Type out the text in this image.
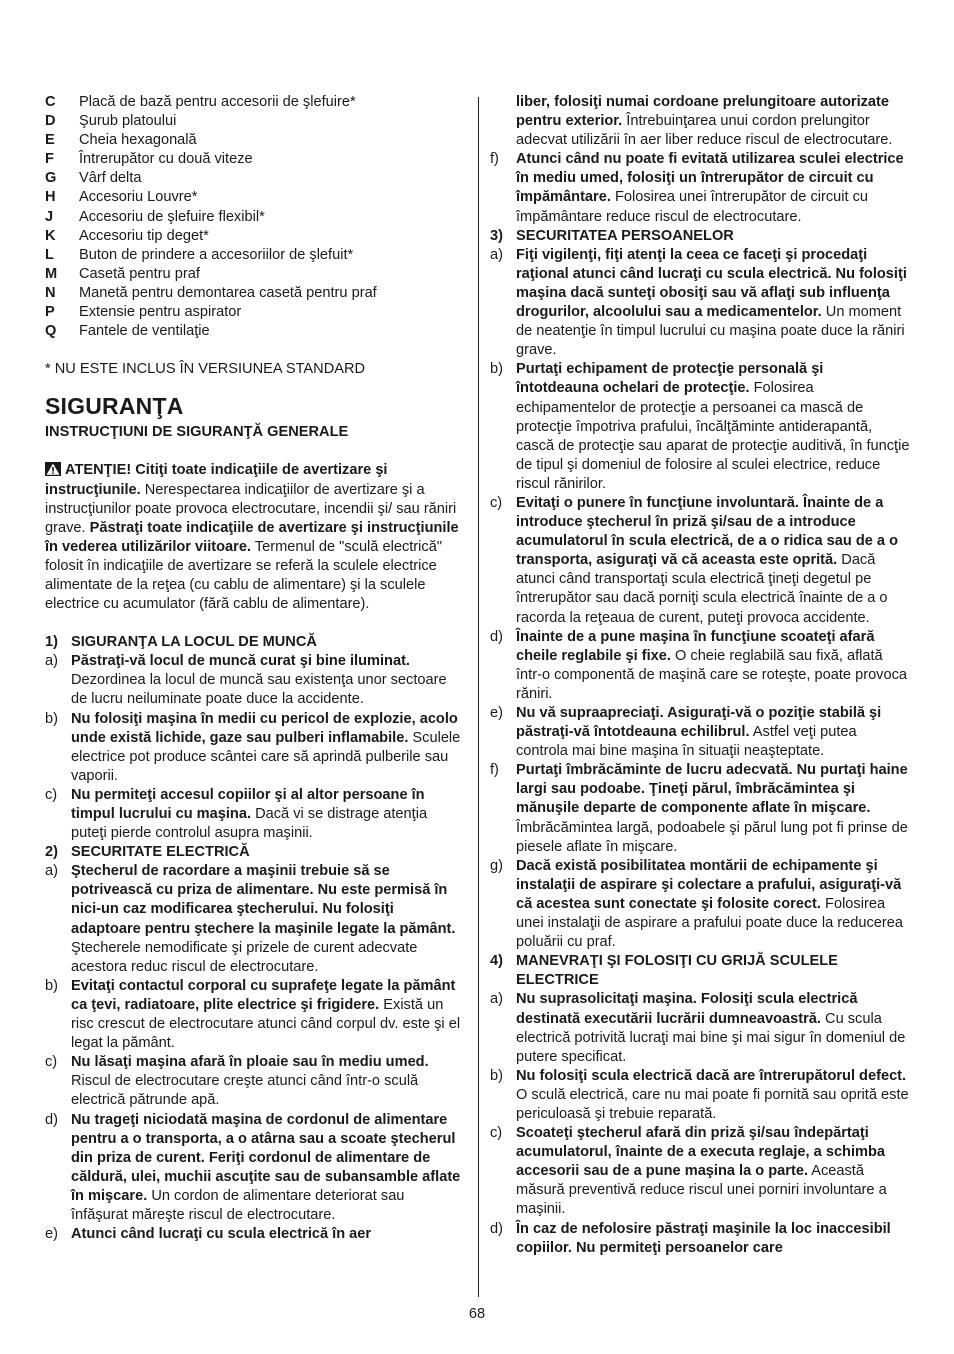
C	Placă de bază pentru accesorii de şlefuire*
D	Şurub platoului
E	Cheia hexagonală
F	Întrerupător cu două viteze
G	Vârf delta
H	Accesoriu Louvre*
J	Accesoriu de şlefuire flexibil*
K	Accesoriu tip deget*
L	Buton de prindere a accesoriilor de şlefuit*
M	Casetă pentru praf
N	Manetă pentru demontarea casetă pentru praf
P	Extensie pentru aspirator
Q	Fantele de ventilaţie
* NU ESTE INCLUS ÎN VERSIUNEA STANDARD
SIGURANŢA
INSTRUCŢIUNI DE SIGURANŢĂ GENERALE

ATENŢIE! Citiţi toate indicaţiile de avertizare şi instrucţiunile. Nerespectarea indicaţiilor de avertizare şi a instrucţiunilor poate provoca electrocutare, incendii şi/ sau răniri grave. Păstraţi toate indicaţiile de avertizare şi instrucţiunile în vederea utilizărilor viitoare. Termenul de "sculă electrică" folosit în indicaţiile de avertizare se referă la sculele electrice alimentate de la reţea (cu cablu de alimentare) şi la sculele electrice cu acumulator (fără cablu de alimentare).

1) SIGURANŢA LA LOCUL DE MUNCĂ
a) Păstraţi-vă locul de muncă curat şi bine iluminat. Dezordinea la locul de muncă sau existenţa unor sectoare de lucru neiluminate poate duce la accidente.
b) Nu folosiţi maşina în medii cu pericol de explozie, acolo unde există lichide, gaze sau pulberi inflamabile. Sculele electrice pot produce scântei care să aprindă pulberile sau vaporii.
c) Nu permiteţi accesul copiilor şi al altor persoane în timpul lucrului cu maşina. Dacă vi se distrage atenţia puteţi pierde controlul asupra maşinii.
2) SECURITATE ELECTRICĂ
a) Ştecherul de racordare a maşinii trebuie să se potrivească cu priza de alimentare. Nu este permisă în nici-un caz modificarea ştecherului. Nu folosiţi adaptoare pentru ştechere la maşinile legate la pământ. Ştecherele nemodificate şi prizele de curent adecvate acestora reduc riscul de electrocutare.
b) Evitaţi contactul corporal cu suprafeţe legate la pământ ca ţevi, radiatoare, plite electrice şi frigidere. Există un risc crescut de electrocutare atunci când corpul dv. este şi el legat la pământ.
c) Nu lăsaţi maşina afară în ploaie sau în mediu umed. Riscul de electrocutare creşte atunci când într-o sculă electrică pătrunde apă.
d) Nu trageţi niciodată maşina de cordonul de alimentare pentru a o transporta, a o atârna sau a scoate ştecherul din priza de curent. Feriţi cordonul de alimentare de căldură, ulei, muchii ascuţite sau de subansamble aflate în mişcare. Un cordon de alimentare deteriorat sau înfăşurat măreşte riscul de electrocutare.
e) Atunci când lucraţi cu scula electrică în aer
liber, folosiţi numai cordoane prelungitoare autorizate pentru exterior. Întrebuinţarea unui cordon prelungitor adecvat utilizării în aer liber reduce riscul de electrocutare.
f)	Atunci când nu poate fi evitată utilizarea sculei electrice în mediu umed, folosiţi un întrerupător de circuit cu împământare. Folosirea unei întrerupător de circuit cu împământare reduce riscul de electrocutare.
3) SECURITATEA PERSOANELOR
a) Fiţi vigilenţi, fiţi atenţi la ceea ce faceţi şi procedaţi raţional atunci când lucraţi cu scula electrică. Nu folosiţi maşina dacă sunteţi obosiţi sau vă aflaţi sub influenţa drogurilor, alcoolului sau a medicamentelor. Un moment de neatenţie în timpul lucrului cu maşina poate duce la răniri grave.
b) Purtaţi echipament de protecţie personală şi întotdeauna ochelari de protecţie. Folosirea echipamentelor de protecţie a persoanei ca mască de protecţie împotriva prafului, încălţăminte antiderapantă, cască de protecţie sau aparat de protecţie auditivă, în funcţie de tipul şi domeniul de folosire al sculei electrice, reduce riscul rănirilor.
c) Evitaţi o punere în funcţiune involuntară. Înainte de a introduce ştecherul în priză şi/sau de a introduce acumulatorul în scula electrică, de a o ridica sau de a o transporta, asiguraţi vă că aceasta este oprită. Dacă atunci când transportaţi scula electrică ţineţi degetul pe întrerupător sau dacă porniţi scula electrică înainte de a o racorda la reţeaua de curent, puteţi provoca accidente.
d) Înainte de a pune maşina în funcţiune scoateţi afară cheile reglabile şi fixe. O cheie reglabilă sau fixă, aflată într-o componentă de maşină care se roteşte, poate provoca răniri.
e) Nu vă supraapreciaţi. Asiguraţi-vă o poziţie stabilă şi păstraţi-vă întotdeauna echilibrul. Astfel veţi putea controla mai bine maşina în situaţii neaşteptate.
f)	Purtaţi îmbrăcăminte de lucru adecvată. Nu purtaţi haine largi sau podoabe. Ţineţi părul, îmbrăcămintea şi mănuşile departe de componente aflate în mişcare. Îmbrăcămintea largă, podoabele şi părul lung pot fi prinse de piesele aflate în mişcare.
g) Dacă există posibilitatea montării de echipamente şi instalaţii de aspirare şi colectare a prafului, asiguraţi-vă că acestea sunt conectate şi folosite corect. Folosirea unei instalaţii de aspirare a prafului poate duce la reducerea poluării cu praf.
4) MANEVRAŢI ŞI FOLOSIŢI CU GRIJĂ SCULELE ELECTRICE
a) Nu suprasolicitaţi maşina. Folosiţi scula electrică destinată executării lucrării dumneavoastră. Cu scula electrică potrivită lucraţi mai bine şi mai sigur în domeniul de putere specificat.
b) Nu folosiţi scula electrică dacă are întrerupătorul defect. O sculă electrică, care nu mai poate fi pornită sau oprită este periculoasă şi trebuie reparată.
c) Scoateţi ştecherul afară din priză şi/sau îndepărtaţi acumulatorul, înainte de a executa reglaje, a schimba accesorii sau de a pune maşina la o parte. Această măsură preventivă reduce riscul unei porniri involuntare a maşinii.
d) În caz de nefolosire păstraţi maşinile la loc inaccesibil copiilor. Nu permiteţi persoanelor care
68
